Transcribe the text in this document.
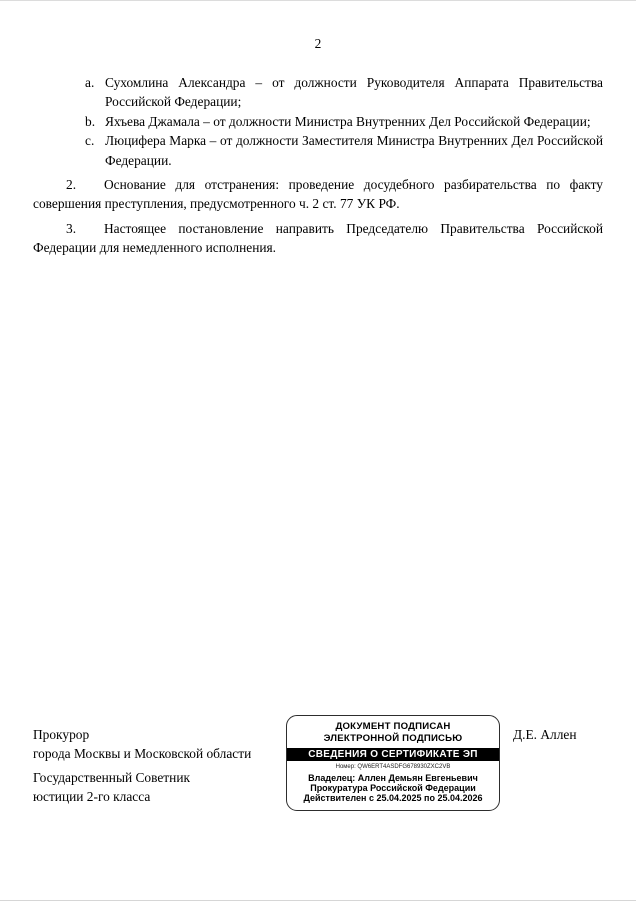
2
a. Сухомлина Александра – от должности Руководителя Аппарата Правительства Российской Федерации;
b. Яхъева Джамала – от должности Министра Внутренних Дел Российской Федерации;
c. Люцифера Марка – от должности Заместителя Министра Внутренних Дел Российской Федерации.
2. Основание для отстранения: проведение досудебного разбирательства по факту совершения преступления, предусмотренного ч. 2 ст. 77 УК РФ.
3. Настоящее постановление направить Председателю Правительства Российской Федерации для немедленного исполнения.
Прокурор
города Москвы и Московской области
Государственный Советник
юстиции 2-го класса
ДОКУМЕНТ ПОДПИСАН
ЭЛЕКТРОННОЙ ПОДПИСЬЮ
СВЕДЕНИЯ О СЕРТИФИКАТЕ ЭП
Номер: QW6ERT4ASDFG678930ZXC2VB
Владелец: Аллен Демьян Евгеньевич
Прокуратура Российской Федерации
Действителен с 25.04.2025 по 25.04.2026
Д.Е. Аллен
